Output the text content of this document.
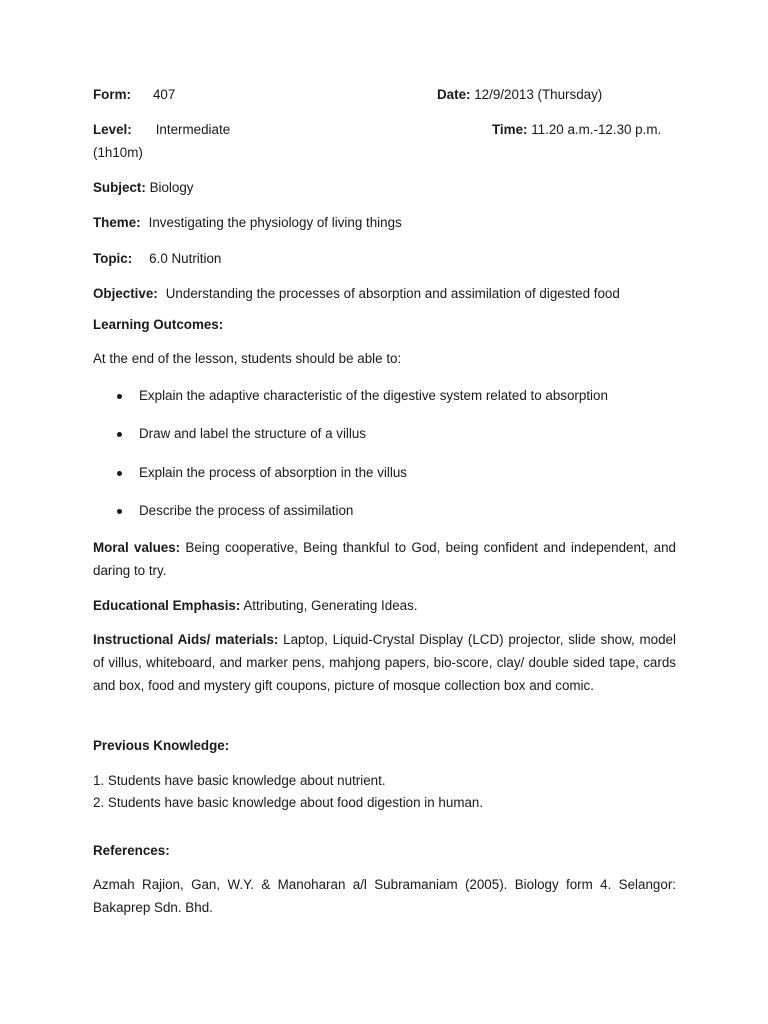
Form: 407	Date: 12/9/2013 (Thursday)
Level: Intermediate	Time: 11.20 a.m.-12.30 p.m.
(1h10m)
Subject: Biology
Theme: Investigating the physiology of living things
Topic: 6.0 Nutrition
Objective: Understanding the processes of absorption and assimilation of digested food
Learning Outcomes:
At the end of the lesson, students should be able to:
Explain the adaptive characteristic of the digestive system related to absorption
Draw and label the structure of a villus
Explain the process of absorption in the villus
Describe the process of assimilation
Moral values: Being cooperative, Being thankful to God, being confident and independent, and daring to try.
Educational Emphasis: Attributing, Generating Ideas.
Instructional Aids/ materials: Laptop, Liquid-Crystal Display (LCD) projector, slide show, model of villus, whiteboard, and marker pens, mahjong papers, bio-score, clay/ double sided tape, cards and box, food and mystery gift coupons, picture of mosque collection box and comic.
Previous Knowledge:
1. Students have basic knowledge about nutrient.
2. Students have basic knowledge about food digestion in human.
References:
Azmah Rajion, Gan, W.Y. & Manoharan a/l Subramaniam (2005). Biology form 4. Selangor: Bakaprep Sdn. Bhd.
